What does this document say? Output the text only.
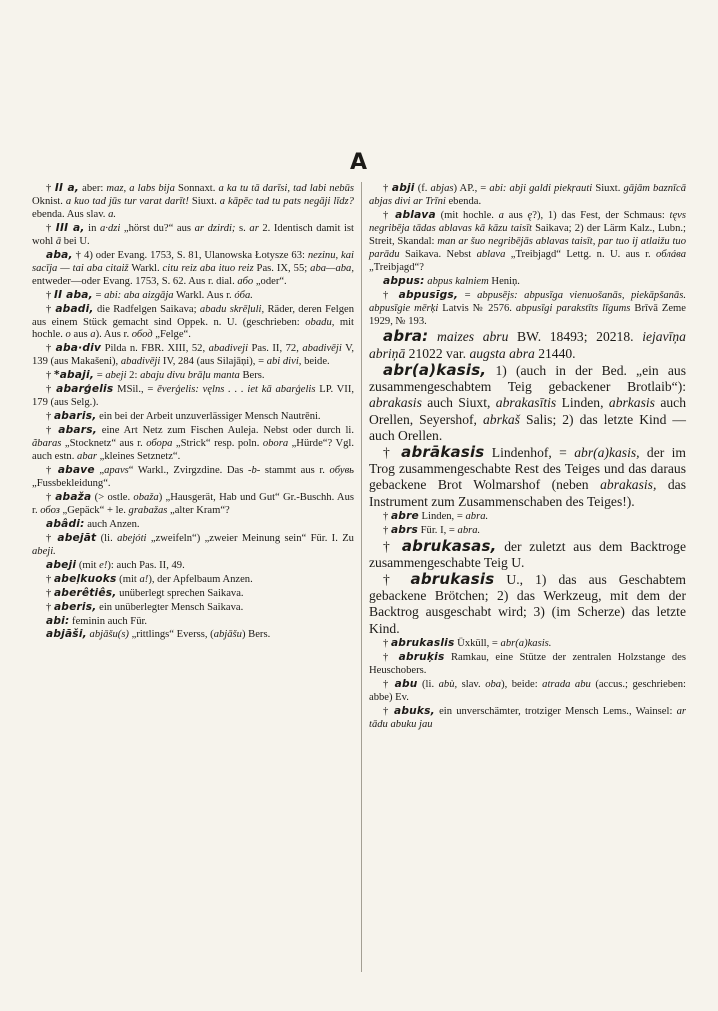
A

† II a, aber: maz, a labs bija Sonnaxt. a ka tu tā darīsi, tad labi nebūs Oknist. a kuo tad jūs tur varat darīt! Siuxt. a kāpēc tad tu pats negāji līdz? ebenda. Aus slav. a.

† III a, in a·dzi „hörst du?“ aus ar dzirdi; s. ar 2. Identisch damit ist wohl ā bei U.

aba, † 4) oder Evang. 1753, S. 81, Ulanowska Łotysze 63: nezinu, kai sacīja — tai aba citaiž Warkl. citu reiz aba ituo reiz Pas. IX, 55; aba—aba, entweder—oder Evang. 1753, S. 62. Aus r. dial. або „oder“.

† II aba, = abi: aba aizgāja Warkl. Aus r. óба.

† abadi, die Radfelgen Saikava; abadu skrēļuli, Räder, deren Felgen aus einem Stück gemacht sind Oppek. n. U. (geschrieben: obadu, mit hochle. o aus a). Aus r. обод „Felge“.

† aba·div Pilda n. FBR. XIII, 52, abadiveji Pas. II, 72, abadivēji V, 139 (aus Makašeni), abadivēji IV, 284 (aus Silajāņi), = abi divi, beide.

† *abaji, = abeji 2: abaju divu brāļu manta Bers.

† abarģelis MSil., = ēverģelis: vęlns . . . iet kā abarģelis LP. VII, 179 (aus Selg.).

† abaris, ein bei der Arbeit unzuverlässiger Mensch Nautrēni.

† abars, eine Art Netz zum Fischen Auleja. Nebst oder durch li. ãbaras „Stocknetz“ aus r. обора „Strick“ resp. poln. obora „Hürde“? Vgl. auch estn. abar „kleines Setznetz“.

† abave „apavs“ Warkl., Zvirgzdine. Das -b- stammt aus r. обувь „Fussbekleidung“.

† abaža (> ostle. obaža) „Hausgerät, Hab und Gut“ Gr.-Buschh. Aus r. обоз „Gepäck“ + le. grabažas „alter Kram“?

abâdi: auch Anzen.

† abejāt (li. abejóti „zweifeln“) „zweier Meinung sein“ Für. I. Zu abeji.

abeji (mit e!): auch Pas. II, 49.

† abeļkuoks (mit a!), der Apfelbaum Anzen.

† aberêtiês, unüberlegt sprechen Saikava.

† aberis, ein unüberlegter Mensch Saikava.

abi: feminin auch Für.

abjāši, abjāšu(s) „rittlings“ Everss, (abjāšu) Bers.

† abji (f. abjas) AP., = abi: abji galdi piekŗauti Siuxt. gājām baznīcā abjas divi ar Trīni ebenda.

† ablava (mit hochle. a aus ę?), 1) das Fest, der Schmaus: tęvs negribēja tādas ablavas kā kāzu taisīt Saikava; 2) der Lärm Kalz., Lubn.; Streit, Skandal: man ar šuo negribējās ablavas taisīt, par tuo ij atlaižu tuo parādu Saikava. Nebst ablava „Treibjagd“ Lettg. n. U. aus r. облáва „Treibjagd“?

abpus: abpus kalniem Heniņ.

† abpusīgs, = abpusējs: abpusīga vienuošanās, piekāpšanās. abpusīgie mērķi Latvis № 2576. abpusīgi parakstīts līgums Brīvā Zeme 1929, № 193.

abra: maizes abru BW. 18493; 20218. iejavīņa abriņā 21022 var. augsta abra 21440.

abr(a)kasis, 1) (auch in der Bed. „ein aus zusammengeschabtem Teig gebackener Brotlaib“): abrakasis auch Siuxt, abrakasītis Linden, abrkasis auch Orellen, Seyershof, abrkaš Salis; 2) das letzte Kind — auch Orellen.

† abrākasis Lindenhof, = abr(a)kasis, der im Trog zusammengeschabte Rest des Teiges und das daraus gebackene Brot Wolmarshof (neben abrakasis, das Instrument zum Zusammenschaben des Teiges!).

† abre Linden, = abra.

† abrs Für. I, = abra.

† abrukasas, der zuletzt aus dem Backtroge zusammengeschabte Teig U.

† abrukasis U., 1) das aus Geschabtem gebackene Brötchen; 2) das Werkzeug, mit dem der Backtrog ausgeschabt wird; 3) (im Scherze) das letzte Kind.

† abrukaslis Üxküll, = abr(a)kasis.

† abruķis Ramkau, eine Stütze der zentralen Holzstange des Heuschobers.

† abu (li. abù, slav. oba), beide: atrada abu (accus.; geschrieben: abbe) Ev.

† abuks, ein unverschämter, trotziger Mensch Lems., Wainsel: ar tādu abuku jau
